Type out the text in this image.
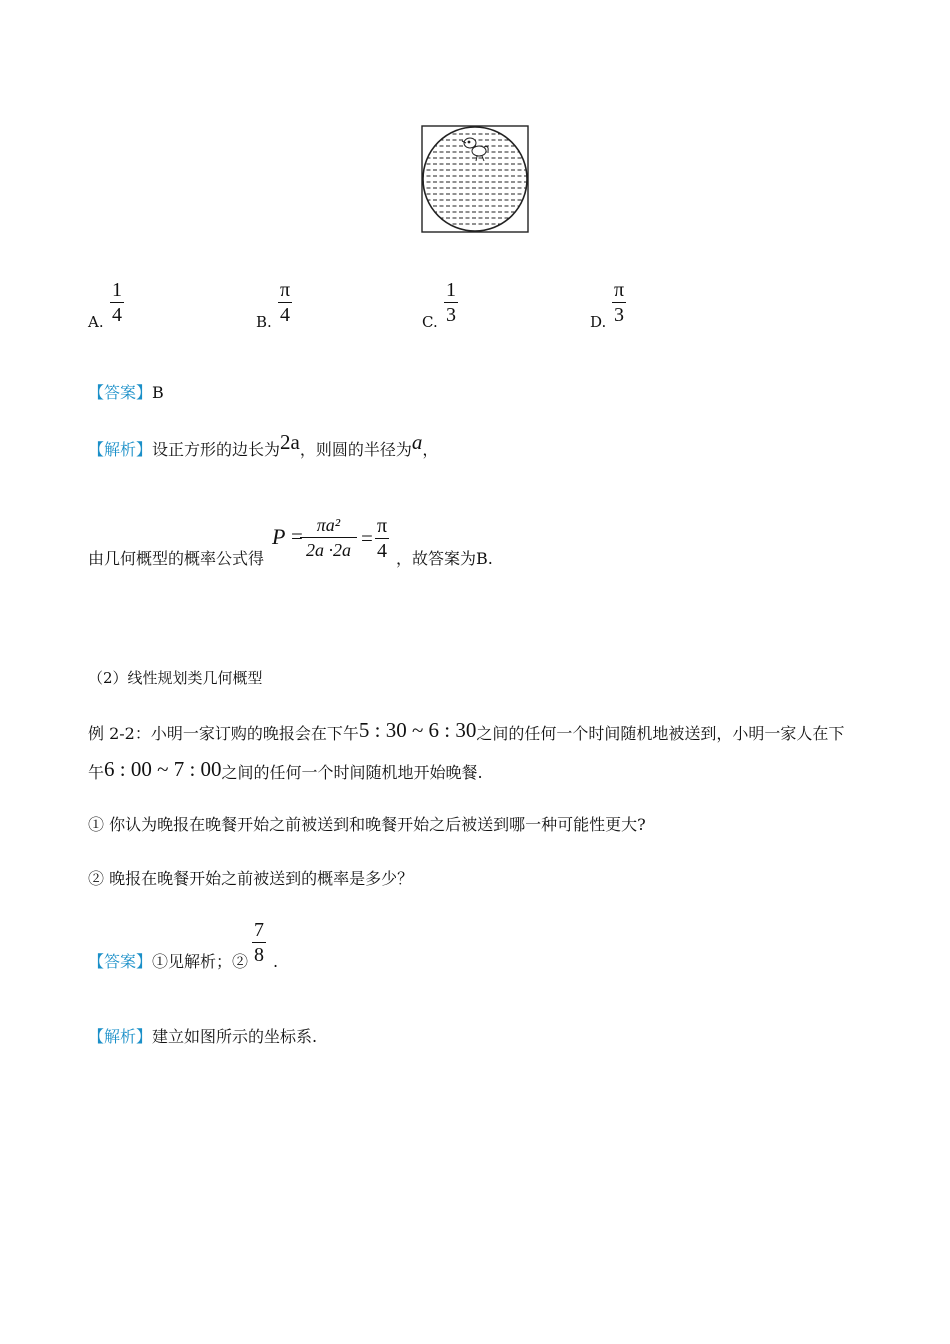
A.
1
4	B.
π
4	C.
1
3	D.
π
3
【答案】B
【解析】设正方形的边长为2a，则圆的半径为a，
由几何概型的概率公式得
P = πa²
2a ·2a = π
4 ，故答案为B.
（2）线性规划类几何概型
例 2-2：小明一家订购的晚报会在下午5 : 30 ~ 6 : 30之间的任何一个时间随机地被送到，小明一家人在下
午6 : 00 ~ 7 : 00之间的任何一个时间随机地开始晚餐.
① 你认为晚报在晚餐开始之前被送到和晚餐开始之后被送到哪一种可能性更大?
② 晚报在晚餐开始之前被送到的概率是多少？
【答案】①见解析；②
7
8 .
【解析】建立如图所示的坐标系.
